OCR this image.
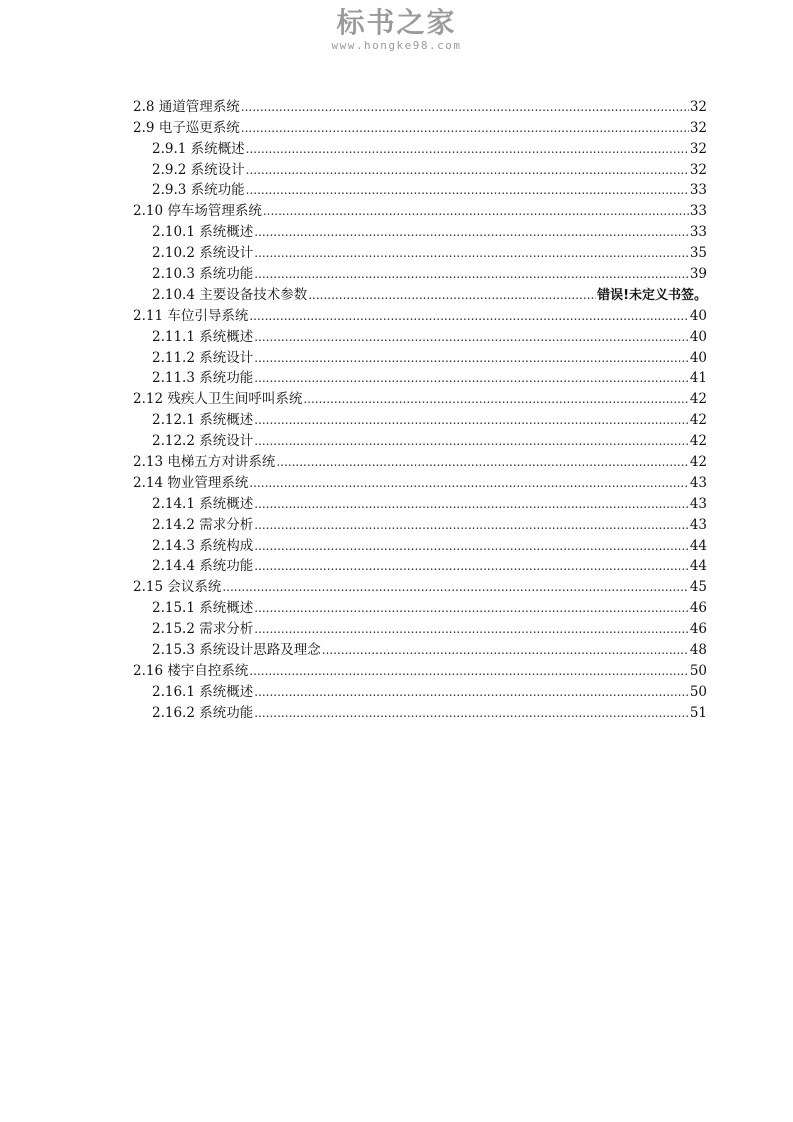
标书之家
www.hongke98.com
2.8 通道管理系统 .....	32
2.9 电子巡更系统 .....	32
2.9.1 系统概述 .....	32
2.9.2 系统设计 .....	32
2.9.3 系统功能 .....	33
2.10 停车场管理系统 .....	33
2.10.1 系统概述 .....	33
2.10.2 系统设计 .....	35
2.10.3 系统功能 .....	39
2.10.4 主要设备技术参数 .....	错误!未定义书签。
2.11 车位引导系统 .....	40
2.11.1 系统概述 .....	40
2.11.2 系统设计 .....	40
2.11.3 系统功能 .....	41
2.12 残疾人卫生间呼叫系统 .....	42
2.12.1 系统概述 .....	42
2.12.2 系统设计 .....	42
2.13 电梯五方对讲系统 .....	42
2.14 物业管理系统 .....	43
2.14.1 系统概述 .....	43
2.14.2 需求分析 .....	43
2.14.3 系统构成 .....	44
2.14.4 系统功能 .....	44
2.15 会议系统 .....	45
2.15.1 系统概述 .....	46
2.15.2 需求分析 .....	46
2.15.3 系统设计思路及理念 .....	48
2.16 楼宇自控系统 .....	50
2.16.1 系统概述 .....	50
2.16.2 系统功能 .....	51
